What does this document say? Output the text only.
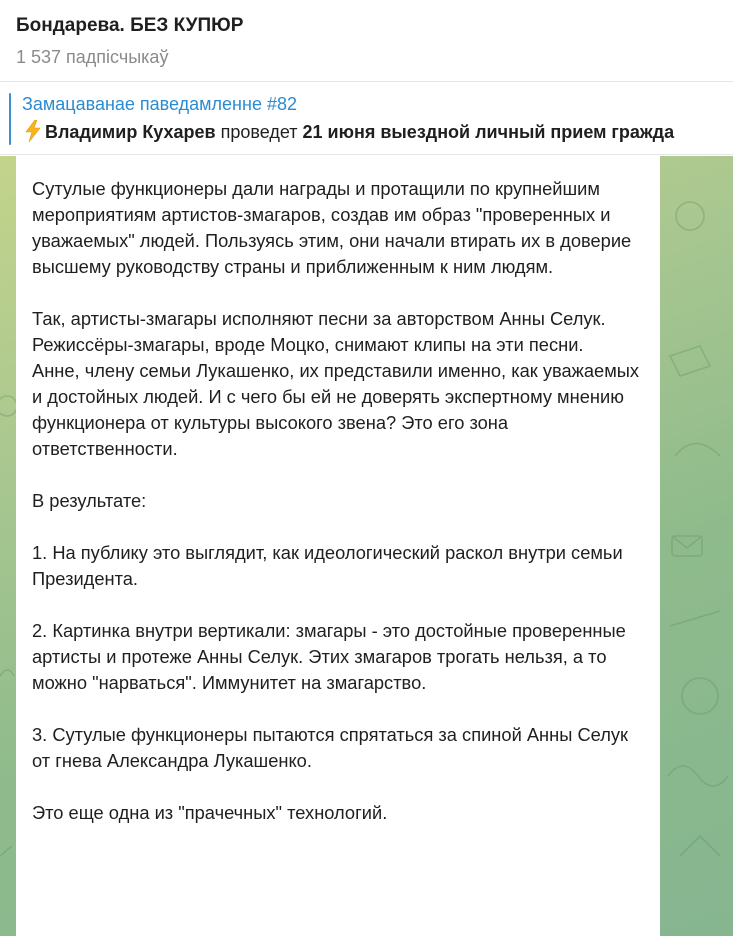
Бондарева. БЕЗ КУПЮР
1 537 падпісчыкаў
Замацаванае паведамленне #82
Владимир Кухарев проведет 21 июня выездной личный прием гражда

Сутулые функционеры дали награды и протащили по крупнейшим мероприятиям артистов-змагаров, создав им образ "проверенных и уважаемых" людей. Пользуясь этим, они начали втирать их в доверие высшему руководству страны и приближенным к ним людям.

Так, артисты-змагары исполняют песни за авторством Анны Селук. Режиссёры-змагары, вроде Моцко, снимают клипы на эти песни.

Анне, члену семьи Лукашенко, их представили именно, как уважаемых и достойных людей. И с чего бы ей не доверять экспертному мнению функционера от культуры высокого звена? Это его зона ответственности.

В результате:

1. На публику это выглядит, как идеологический раскол внутри семьи Президента.

2. Картинка внутри вертикали: змагары - это достойные проверенные артисты и протеже Анны Селук. Этих змагаров трогать нельзя, а то можно "нарваться". Иммунитет на змагарство.

3. Сутулые функционеры пытаются спрятаться за спиной Анны Селук от гнева Александра Лукашенко.

Это еще одна из "прачечных" технологий.
